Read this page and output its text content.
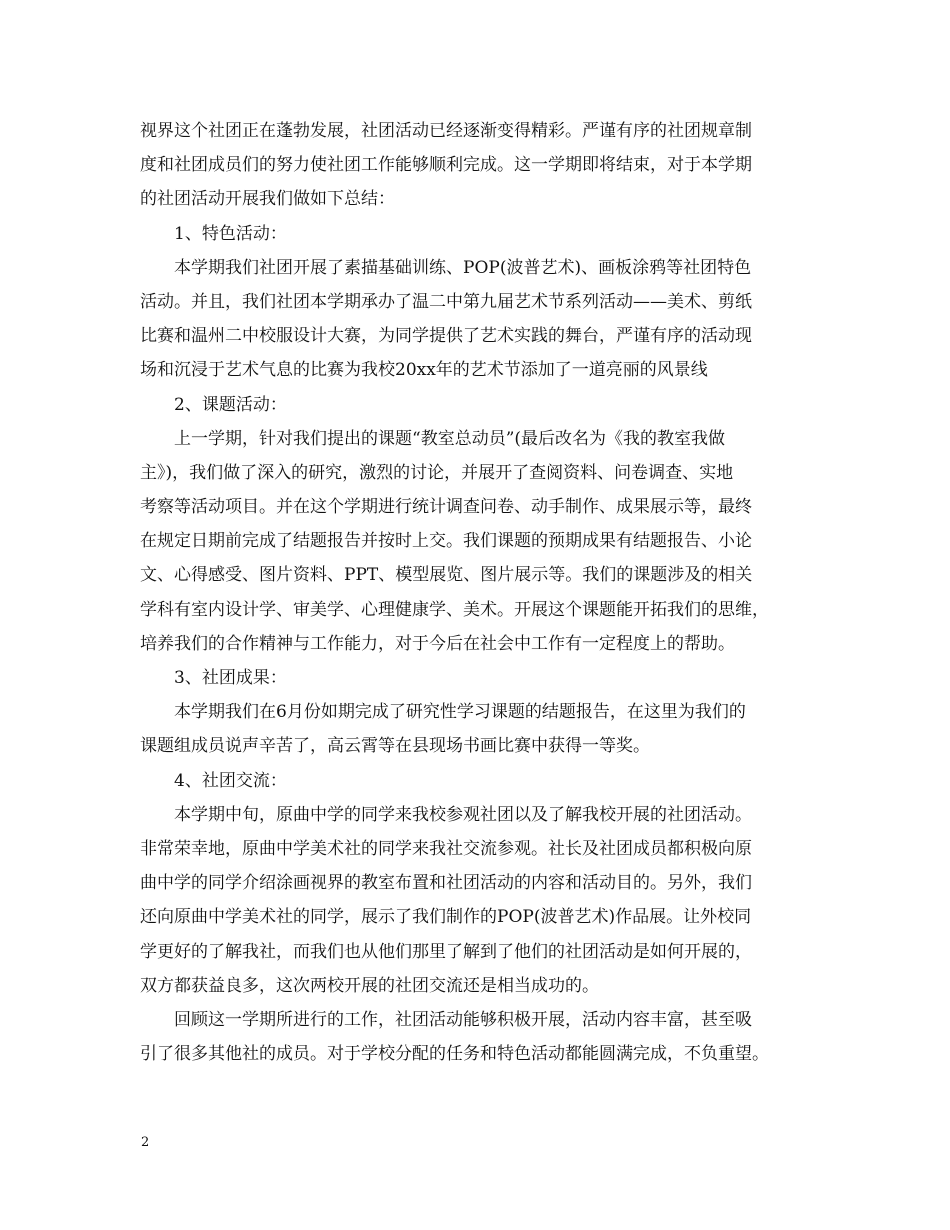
视界这个社团正在蓬勃发展，社团活动已经逐渐变得精彩。严谨有序的社团规章制
度和社团成员们的努力使社团工作能够顺利完成。这一学期即将结束，对于本学期
的社团活动开展我们做如下总结：
1、特色活动：
本学期我们社团开展了素描基础训练、POP(波普艺术)、画板涂鸦等社团特色
活动。并且，我们社团本学期承办了温二中第九届艺术节系列活动——美术、剪纸
比赛和温州二中校服设计大赛，为同学提供了艺术实践的舞台，严谨有序的活动现
场和沉浸于艺术气息的比赛为我校20xx年的艺术节添加了一道亮丽的风景线
2、课题活动：
上一学期，针对我们提出的课题“教室总动员”(最后改名为《我的教室我做
主》)，我们做了深入的研究，激烈的讨论，并展开了查阅资料、问卷调查、实地
考察等活动项目。并在这个学期进行统计调查问卷、动手制作、成果展示等，最终
在规定日期前完成了结题报告并按时上交。我们课题的预期成果有结题报告、小论
文、心得感受、图片资料、PPT、模型展览、图片展示等。我们的课题涉及的相关
学科有室内设计学、审美学、心理健康学、美术。开展这个课题能开拓我们的思维，
培养我们的合作精神与工作能力，对于今后在社会中工作有一定程度上的帮助。
3、社团成果：
本学期我们在6月份如期完成了研究性学习课题的结题报告，在这里为我们的
课题组成员说声辛苦了，高云霄等在县现场书画比赛中获得一等奖。
4、社团交流：
本学期中旬，原曲中学的同学来我校参观社团以及了解我校开展的社团活动。
非常荣幸地，原曲中学美术社的同学来我社交流参观。社长及社团成员都积极向原
曲中学的同学介绍涂画视界的教室布置和社团活动的内容和活动目的。另外，我们
还向原曲中学美术社的同学，展示了我们制作的POP(波普艺术)作品展。让外校同
学更好的了解我社，而我们也从他们那里了解到了他们的社团活动是如何开展的，
双方都获益良多，这次两校开展的社团交流还是相当成功的。
回顾这一学期所进行的工作，社团活动能够积极开展，活动内容丰富，甚至吸
引了很多其他社的成员。对于学校分配的任务和特色活动都能圆满完成，不负重望。
2
